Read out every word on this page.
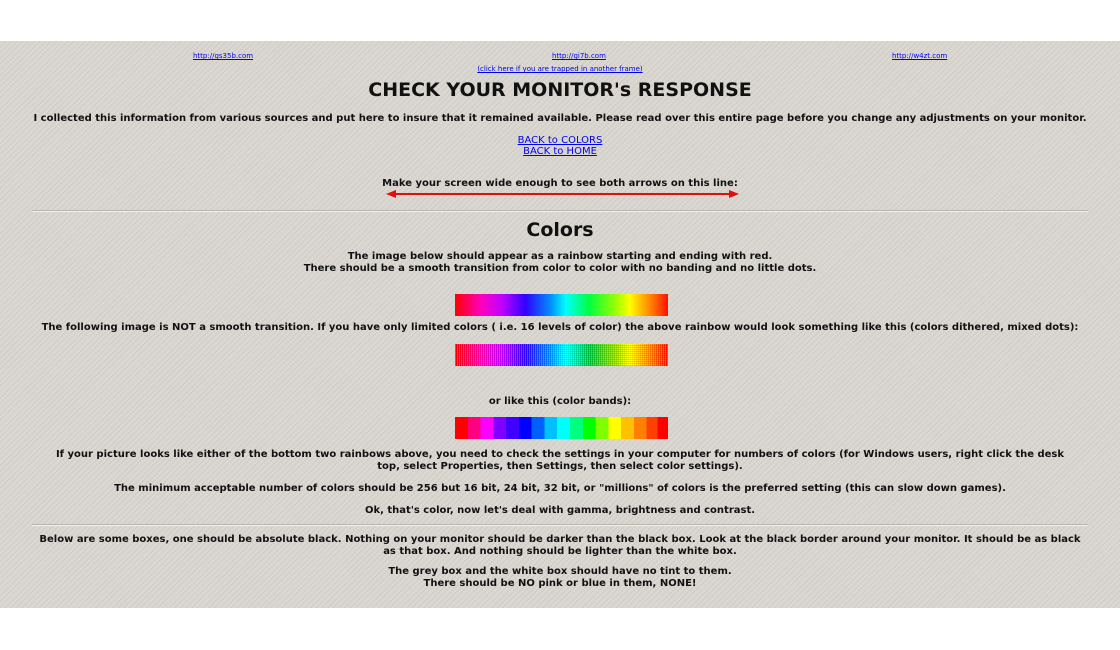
http://gs35b.com	http://gi7b.com	http://w4zt.com
(click here if you are trapped in another frame)
CHECK YOUR MONITOR's RESPONSE
I collected this information from various sources and put here to insure that it remained available. Please read over this entire page before you change any adjustments on your monitor.
BACK to COLORS
BACK to HOME
Make your screen wide enough to see both arrows on this line:
Colors
The image below should appear as a rainbow starting and ending with red.
There should be a smooth transition from color to color with no banding and no little dots.
The following image is NOT a smooth transition. If you have only limited colors ( i.e. 16 levels of color) the above rainbow would look something like this (colors dithered, mixed dots):
or like this (color bands):
If your picture looks like either of the bottom two rainbows above, you need to check the settings in your computer for numbers of colors (for Windows users, right click the desk top, select Properties, then Settings, then select color settings).
The minimum acceptable number of colors should be 256 but 16 bit, 24 bit, 32 bit, or "millions" of colors is the preferred setting (this can slow down games).
Ok, that's color, now let's deal with gamma, brightness and contrast.
Below are some boxes, one should be absolute black. Nothing on your monitor should be darker than the black box. Look at the black border around your monitor. It should be as black as that box. And nothing should be lighter than the white box.
The grey box and the white box should have no tint to them.
There should be NO pink or blue in them, NONE!
